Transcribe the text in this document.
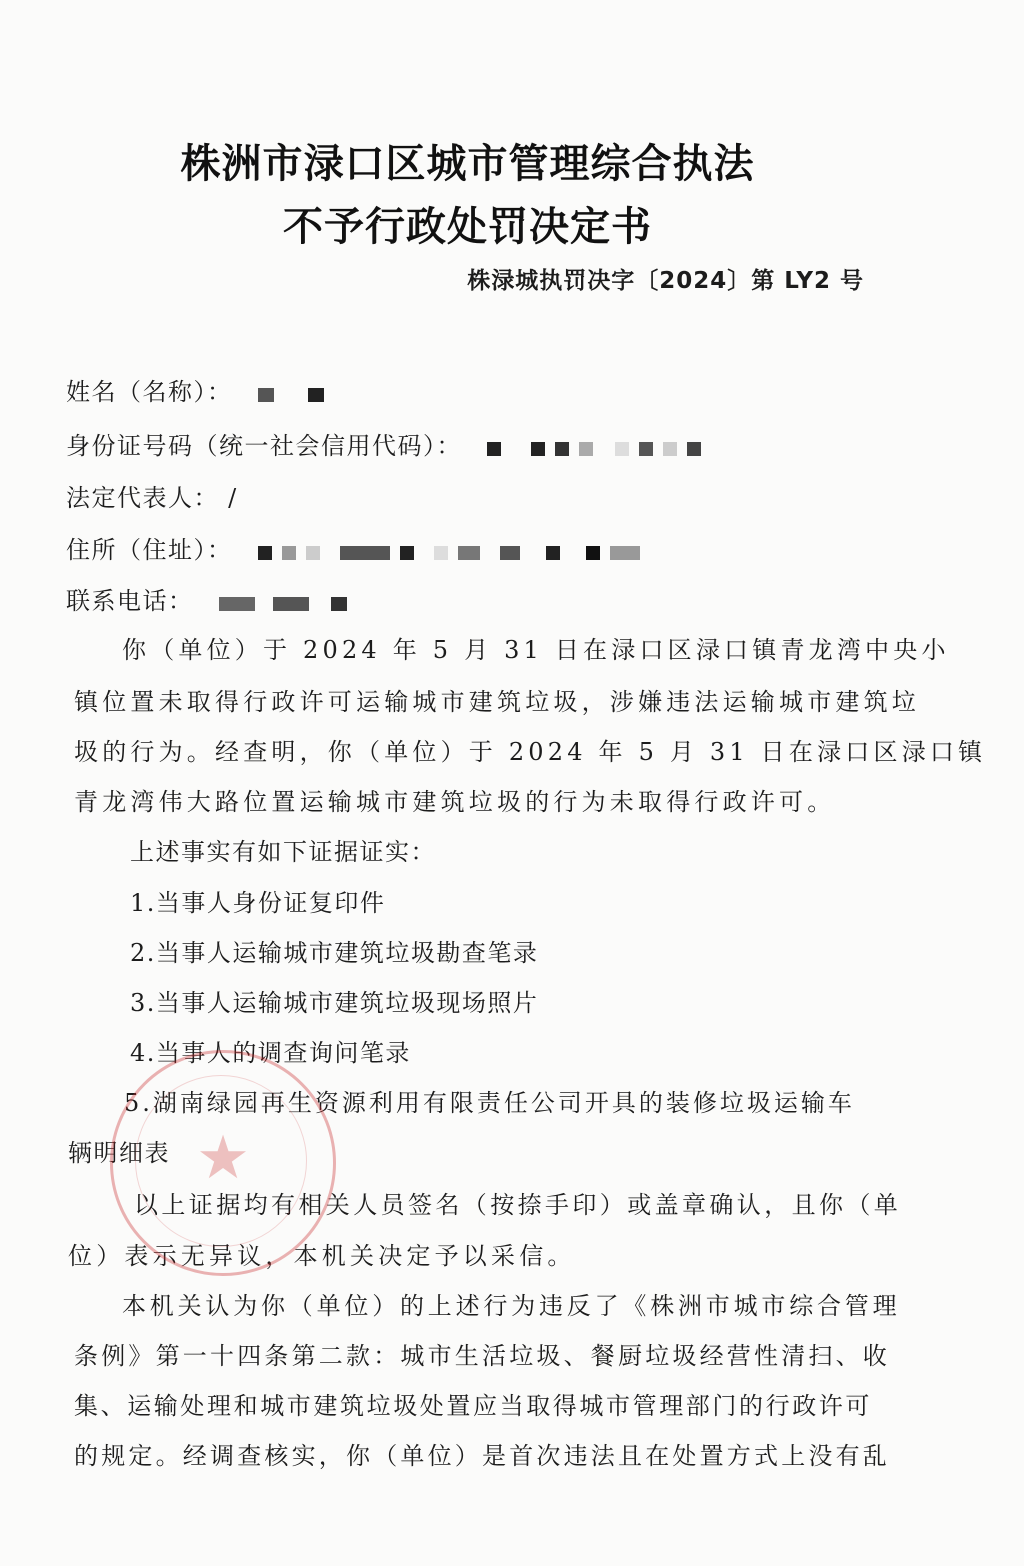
株洲市渌口区城市管理综合执法
不予行政处罚决定书
株渌城执罚决字〔2024〕第 LY2 号
姓名（名称）：
身份证号码（统一社会信用代码）：
法定代表人： /
住所（住址）：
联系电话：
你（单位）于 2024 年 5 月 31 日在渌口区渌口镇青龙湾中央小
镇位置未取得行政许可运输城市建筑垃圾，涉嫌违法运输城市建筑垃
圾的行为。经查明，你（单位）于 2024 年 5 月 31 日在渌口区渌口镇
青龙湾伟大路位置运输城市建筑垃圾的行为未取得行政许可。
上述事实有如下证据证实：
1.当事人身份证复印件
2.当事人运输城市建筑垃圾勘查笔录
3.当事人运输城市建筑垃圾现场照片
4.当事人的调查询问笔录
5.湖南绿园再生资源利用有限责任公司开具的装修垃圾运输车
辆明细表
以上证据均有相关人员签名（按捺手印）或盖章确认，且你（单
位）表示无异议，本机关决定予以采信。
本机关认为你（单位）的上述行为违反了《株洲市城市综合管理
条例》第一十四条第二款：城市生活垃圾、餐厨垃圾经营性清扫、收
集、运输处理和城市建筑垃圾处置应当取得城市管理部门的行政许可
的规定。经调查核实，你（单位）是首次违法且在处置方式上没有乱
★
